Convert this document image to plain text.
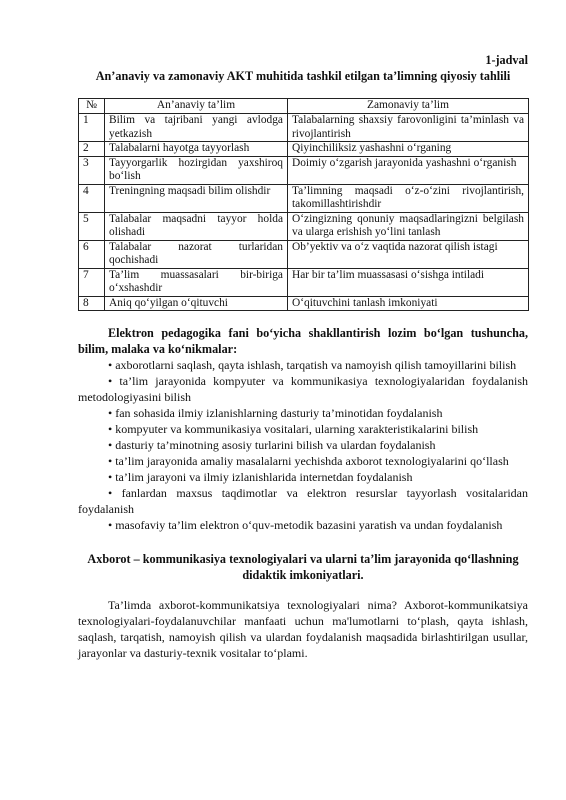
1-jadval
An’anaviy va zamonaviy AKT muhitida tashkil etilgan ta’limning qiyosiy tahlili
№	An’anaviy ta’lim	Zamonaviy ta’lim
1	Bilim va tajribani yangi avlodga yetkazish	Talabalarning shaxsiy farovonligini ta’minlash va rivojlantirish
2	Talabalarni hayotga tayyorlash	Qiyinchiliksiz yashashni o‘rganing
3	Tayyorgarlik hozirgidan yaxshiroq bo‘lish	Doimiy o‘zgarish jarayonida yashashni o‘rganish
4	Treningning maqsadi bilim olishdir	Ta’limning maqsadi o‘z-o‘zini rivojlantirish, takomillashtirishdir
5	Talabalar maqsadni tayyor holda olishadi	O‘zingizning qonuniy maqsadlaringizni belgilash va ularga erishish yo‘lini tanlash
6	Talabalar nazorat turlaridan qochishadi	Ob’yektiv va o‘z vaqtida nazorat qilish istagi
7	Ta’lim muassasalari bir-biriga o‘xshashdir	Har bir ta’lim muassasasi o‘sishga intiladi
8	Aniq qo‘yilgan o‘qituvchi	O‘qituvchini tanlash imkoniyati
Elektron pedagogika fani bo‘yicha shakllantirish lozim bo‘lgan tushuncha, bilim, malaka va ko‘nikmalar:
• axborotlarni saqlash, qayta ishlash, tarqatish va namoyish qilish tamoyillarini bilish
• ta’lim jarayonida kompyuter va kommunikasiya texnologiyalaridan foydalanish metodologiyasini bilish
• fan sohasida ilmiy izlanishlarning dasturiy ta’minotidan foydalanish
• kompyuter va kommunikasiya vositalari, ularning xarakteristikalarini bilish
• dasturiy ta’minotning asosiy turlarini bilish va ulardan foydalanish
• ta’lim jarayonida amaliy masalalarni yechishda axborot texnologiyalarini qo‘llash
• ta’lim jarayoni va ilmiy izlanishlarida internetdan foydalanish
• fanlardan maxsus taqdimotlar va elektron resurslar tayyorlash vositalaridan foydalanish
• masofaviy ta’lim elektron o‘quv-metodik bazasini yaratish va undan foydalanish
Axborot – kommunikasiya texnologiyalari va ularni ta’lim jarayonida qo‘llashning didaktik imkoniyatlari.
Ta’limda axborot-kommunikatsiya texnologiyalari nima? Axborot-kommunikatsiya texnologiyalari-foydalanuvchilar manfaati uchun ma'lumotlarni to‘plash, qayta ishlash, saqlash, tarqatish, namoyish qilish va ulardan foydalanish maqsadida birlashtirilgan usullar, jarayonlar va dasturiy-texnik vositalar to‘plami.
